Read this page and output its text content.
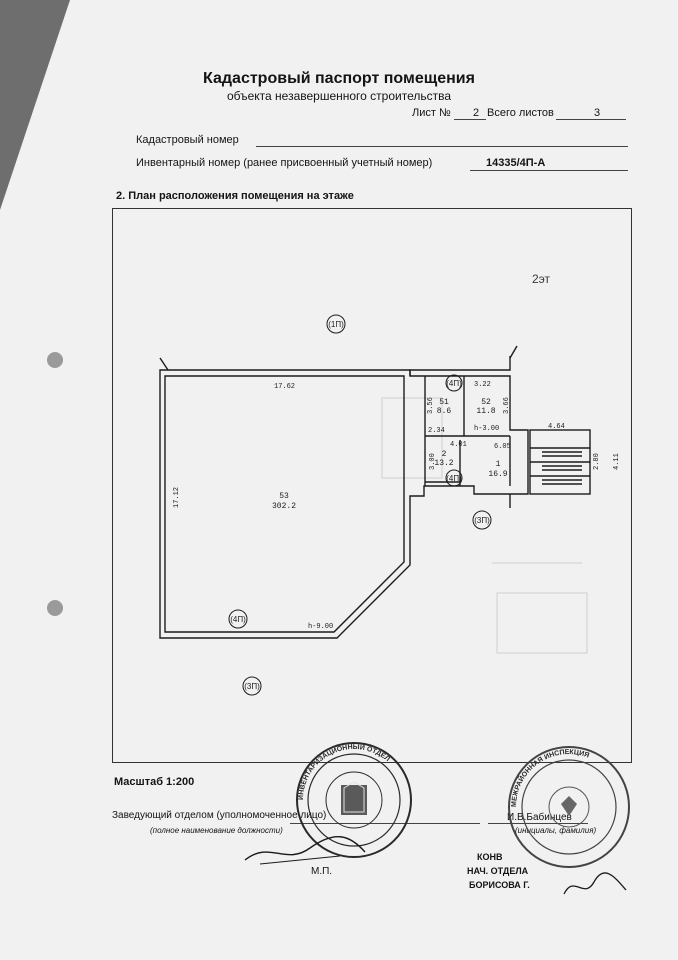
Кадастровый паспорт помещения
объекта незавершенного строительства
Лист № 2 Всего листов	3
Кадастровый номер
Инвентарный номер (ранее присвоенный учетный номер)	14335/4П-А
2. План расположения помещения на этаже
2эт
(1П)
(4П)
(4П)
(3П)
(4П)
(3П)
53
302.2
51
8.6
52
11.8
2
13.2	1
16.9
17.62
17.12
2.34
3.56
3.22
3.66
4.01
3.00
6.05
4.64
2.80 4.11
h-3.00
h-9.00
Масштаб 1:200
Заведующий отделом (уполномоченное лицо)	И.В.Бабинцев
(полное наименование должности)	(инициалы, фамилия)
М.П.
КОНВ
НАЧ. ОТДЕЛА
БОРИСОВА Г.
ИНВЕНТАРИЗАЦИОННЫЙ ОТДЕЛ
МЕЖРАЙОННАЯ ИНСПЕКЦИЯ
